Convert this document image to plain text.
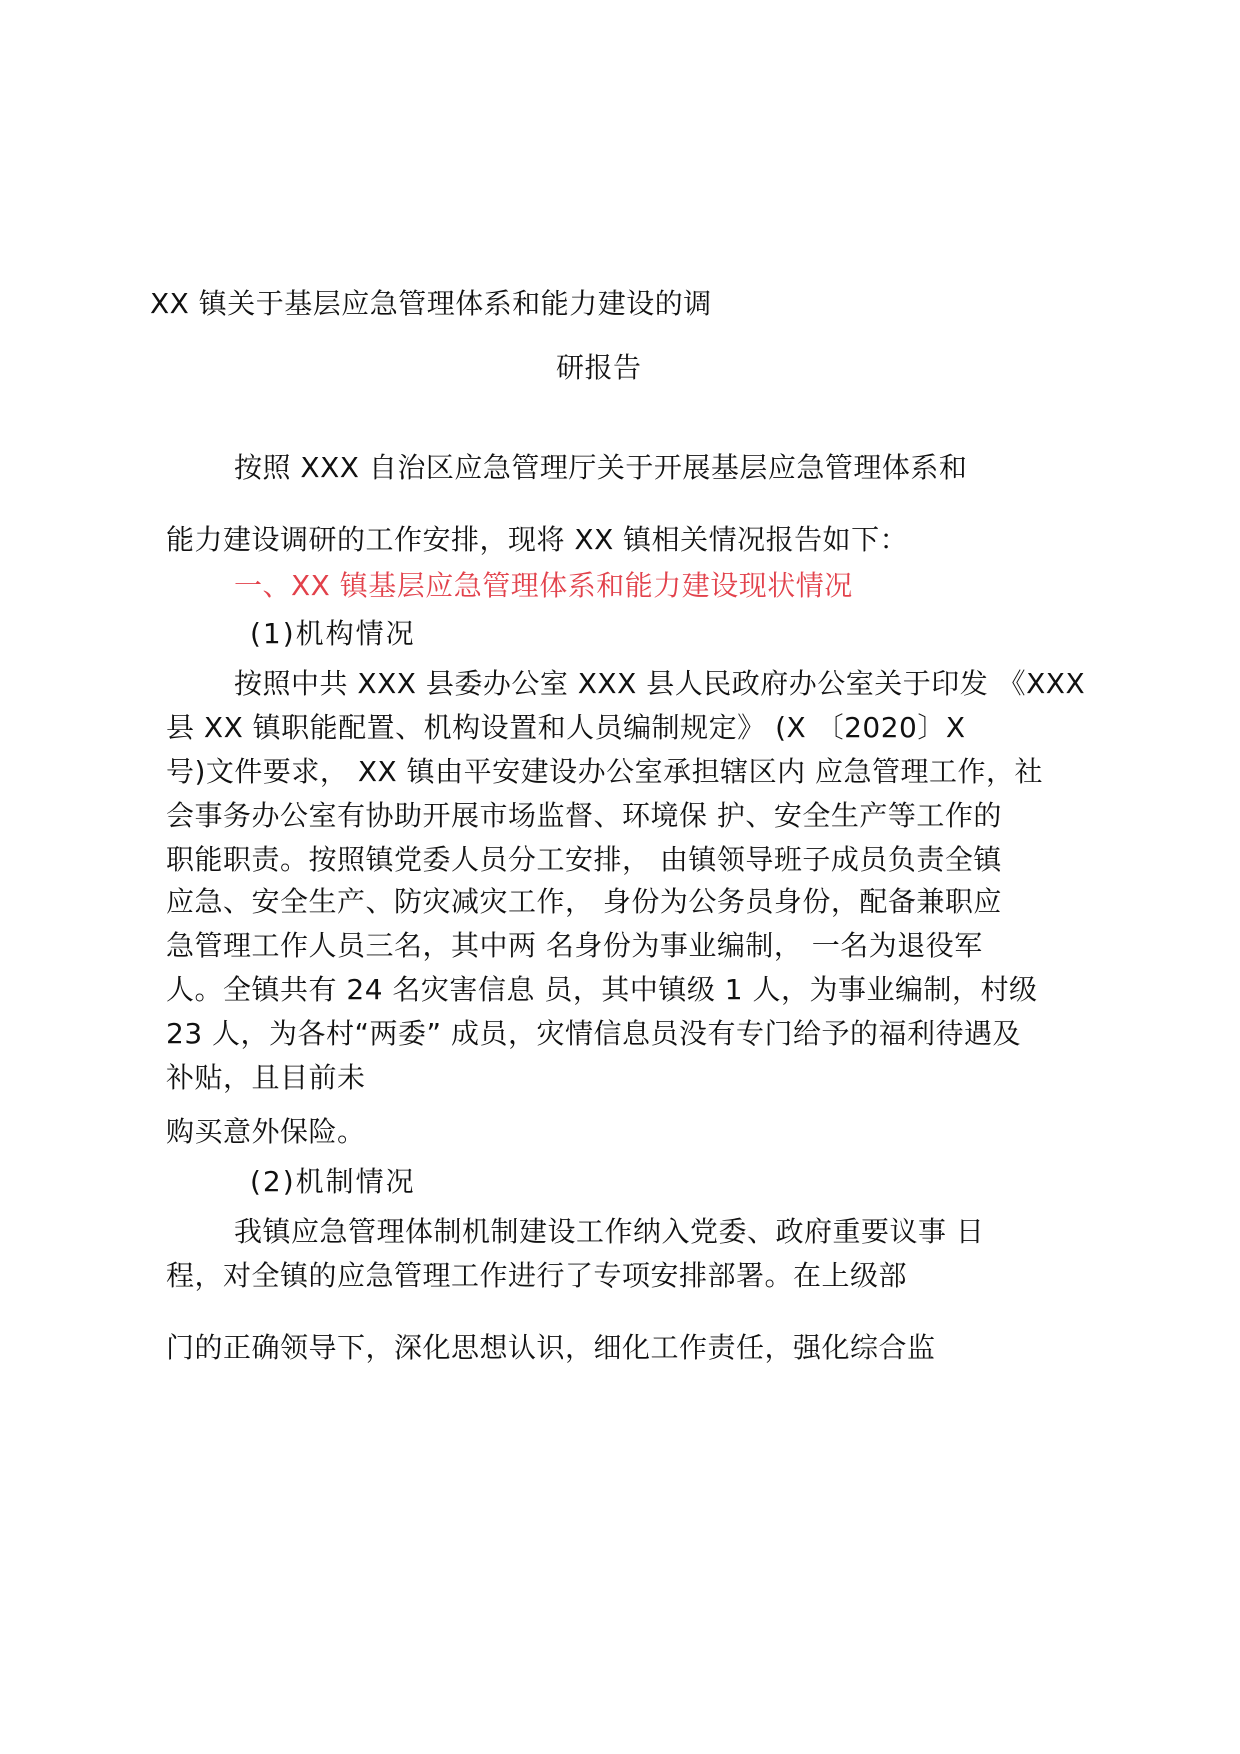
XX 镇关于基层应急管理体系和能力建设的调
研报告
按照 XXX 自治区应急管理厅关于开展基层应急管理体系和
能力建设调研的工作安排，现将 XX 镇相关情况报告如下：
一、XX 镇基层应急管理体系和能力建设现状情况
(1)机构情况
按照中共 XXX 县委办公室 XXX 县人民政府办公室关于印发 《XXX
县 XX 镇职能配置、机构设置和人员编制规定》 (X 〔2020〕X
号)文件要求， XX 镇由平安建设办公室承担辖区内 应急管理工作，社
会事务办公室有协助开展市场监督、环境保 护、安全生产等工作的
职能职责。按照镇党委人员分工安排， 由镇领导班子成员负责全镇
应急、安全生产、防灾减灾工作， 身份为公务员身份，配备兼职应
急管理工作人员三名，其中两 名身份为事业编制， 一名为退役军
人。全镇共有 24 名灾害信息 员，其中镇级 1 人，为事业编制，村级
23 人，为各村“两委” 成员，灾情信息员没有专门给予的福利待遇及
补贴，且目前未
购买意外保险。
(2)机制情况
我镇应急管理体制机制建设工作纳入党委、政府重要议事 日
程，对全镇的应急管理工作进行了专项安排部署。在上级部
门的正确领导下，深化思想认识，细化工作责任，强化综合监
